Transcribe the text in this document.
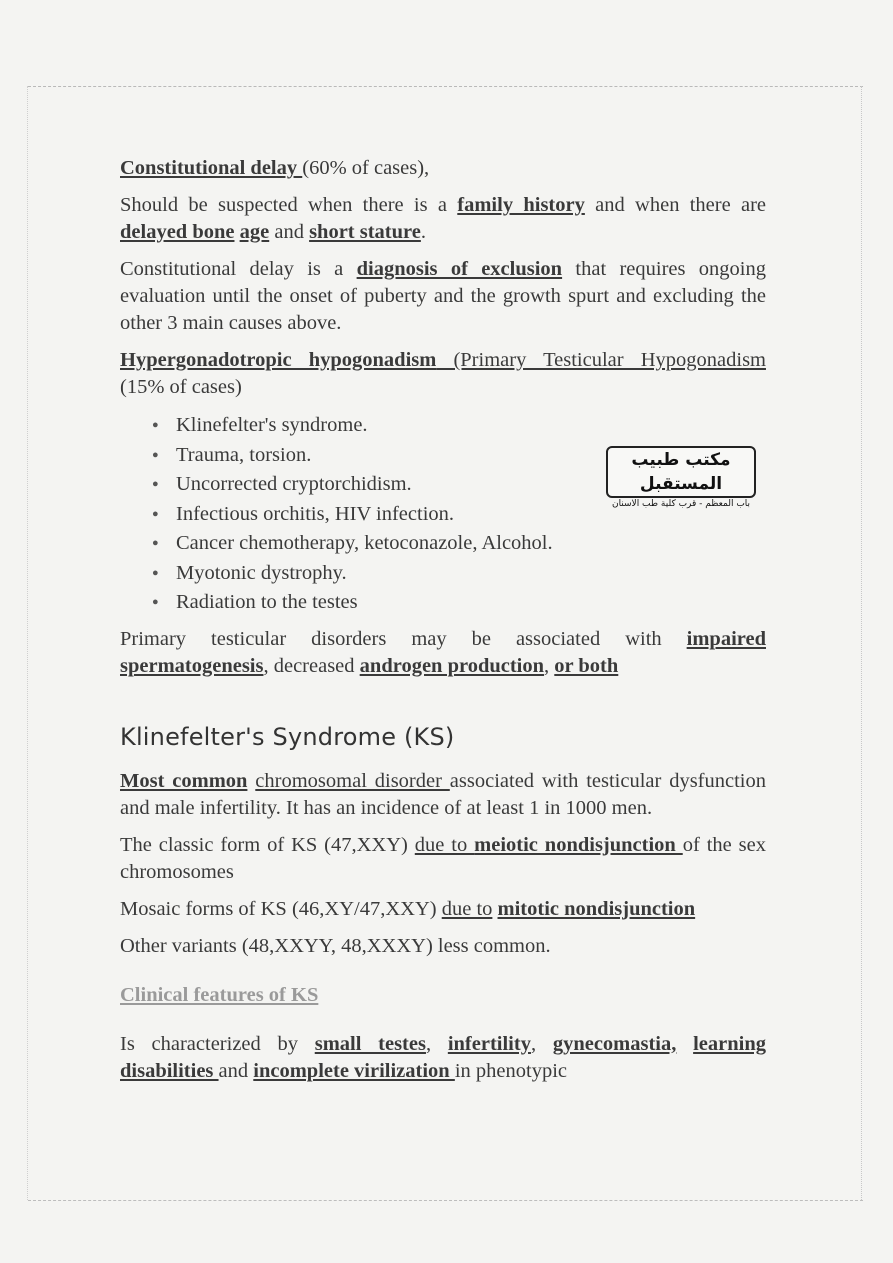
Constitutional delay (60% of cases),

Should be suspected when there is a family history and when there are delayed bone age and short stature.

Constitutional delay is a diagnosis of exclusion that requires ongoing evaluation until the onset of puberty and the growth spurt and excluding the other 3 main causes above.

Hypergonadotropic hypogonadism (Primary Testicular Hypogonadism (15% of cases)

● Klinefelter's syndrome.
● Trauma, torsion.
● Uncorrected cryptorchidism.
● Infectious orchitis, HIV infection.
● Cancer chemotherapy, ketoconazole, Alcohol.
● Myotonic dystrophy.
● Radiation to the testes

Primary testicular disorders may be associated with impaired spermatogenesis, decreased androgen production, or both

Klinefelter's Syndrome (KS)

Most common chromosomal disorder associated with testicular dysfunction and male infertility. It has an incidence of at least 1 in 1000 men.

The classic form of KS (47,XXY) due to meiotic nondisjunction of the sex chromosomes

Mosaic forms of KS (46,XY/47,XXY) due to mitotic nondisjunction

Other variants (48,XXYY, 48,XXXY) less common.

Clinical features of KS

Is characterized by small testes, infertility, gynecomastia, learning disabilities and incomplete virilization in phenotypic

مكتب طبيب المستقبل
باب المعظم - قرب كلية طب الاسنان
